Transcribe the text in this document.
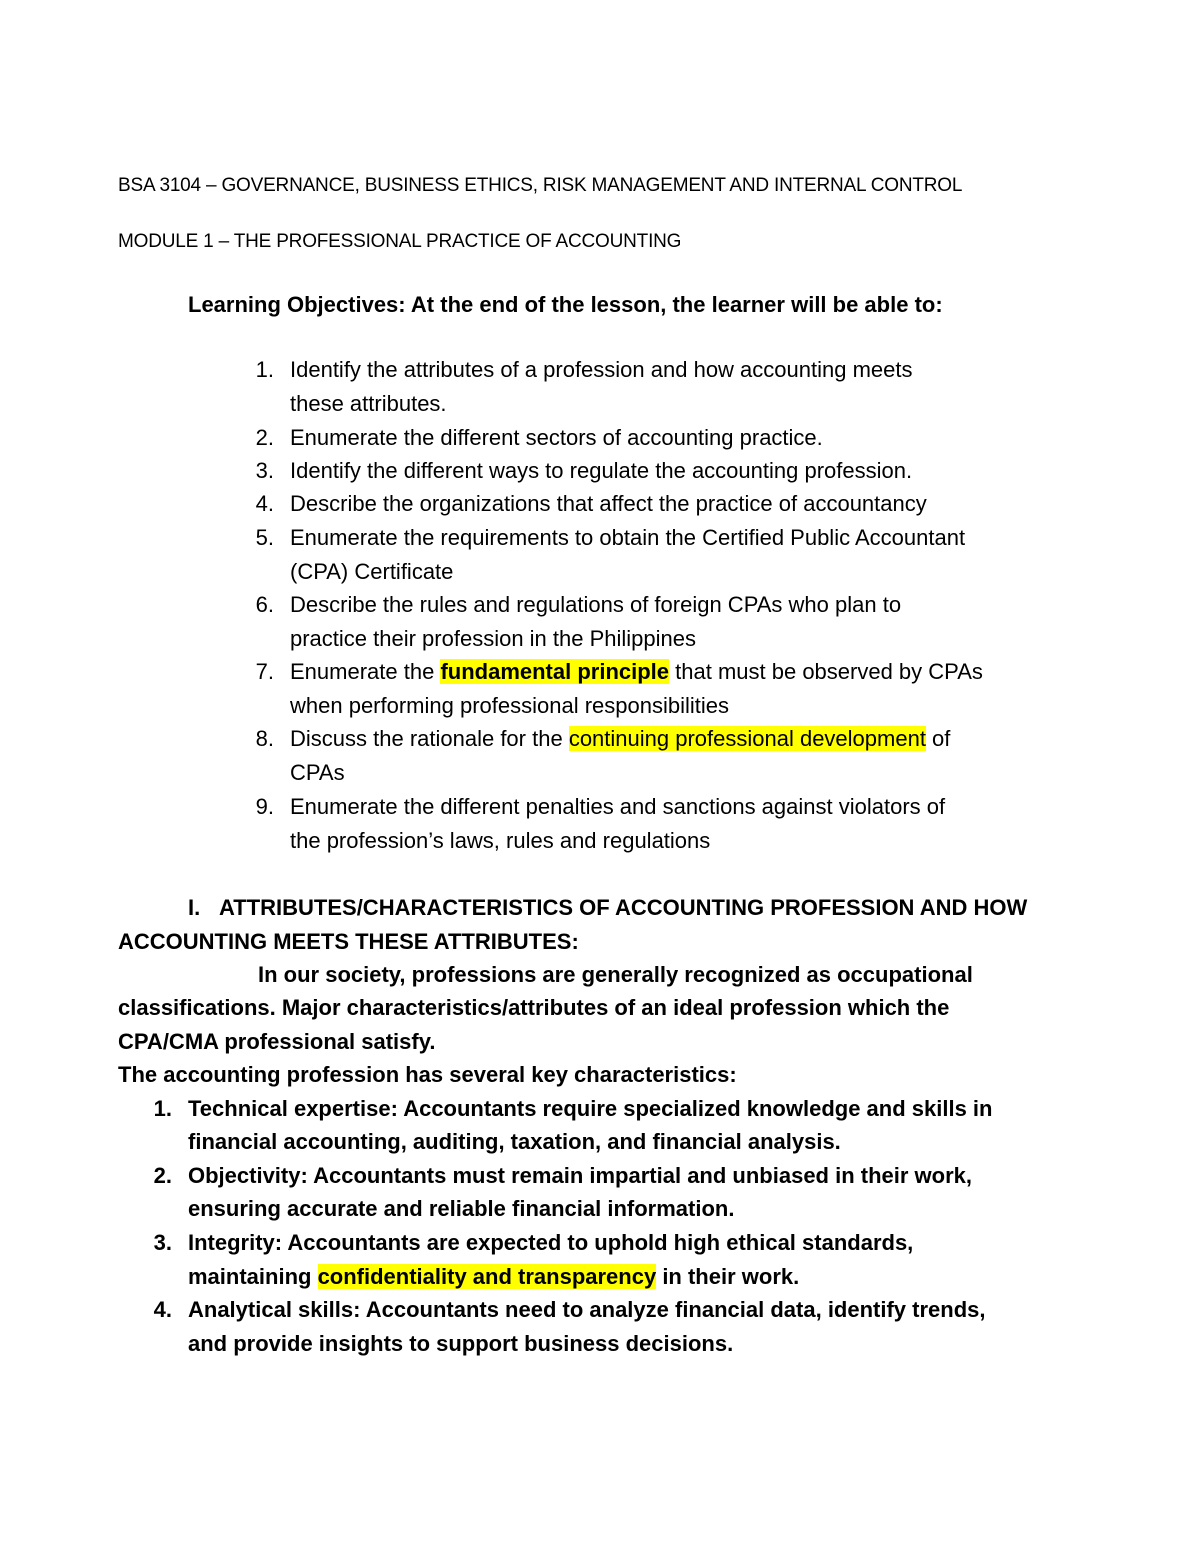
BSA 3104 – GOVERNANCE, BUSINESS ETHICS, RISK MANAGEMENT AND INTERNAL CONTROL
MODULE 1 – THE PROFESSIONAL PRACTICE OF ACCOUNTING
Learning Objectives: At the end of the lesson, the learner will be able to:
1. Identify the attributes of a profession and how accounting meets
these attributes.
2. Enumerate the different sectors of accounting practice.
3. Identify the different ways to regulate the accounting profession.
4. Describe the organizations that affect the practice of accountancy
5. Enumerate the requirements to obtain the Certified Public Accountant
(CPA) Certificate
6. Describe the rules and regulations of foreign CPAs who plan to
practice their profession in the Philippines
7. Enumerate the fundamental principle that must be observed by CPAs
when performing professional responsibilities
8. Discuss the rationale for the continuing professional development of
CPAs
9. Enumerate the different penalties and sanctions against violators of
the profession’s laws, rules and regulations
I. ATTRIBUTES/CHARACTERISTICS OF ACCOUNTING PROFESSION AND HOW
ACCOUNTING MEETS THESE ATTRIBUTES:
In our society, professions are generally recognized as occupational
classifications. Major characteristics/attributes of an ideal profession which the
CPA/CMA professional satisfy.
The accounting profession has several key characteristics:
1. Technical expertise: Accountants require specialized knowledge and skills in
financial accounting, auditing, taxation, and financial analysis.
2. Objectivity: Accountants must remain impartial and unbiased in their work,
ensuring accurate and reliable financial information.
3. Integrity: Accountants are expected to uphold high ethical standards,
maintaining confidentiality and transparency in their work.
4. Analytical skills: Accountants need to analyze financial data, identify trends,
and provide insights to support business decisions.
